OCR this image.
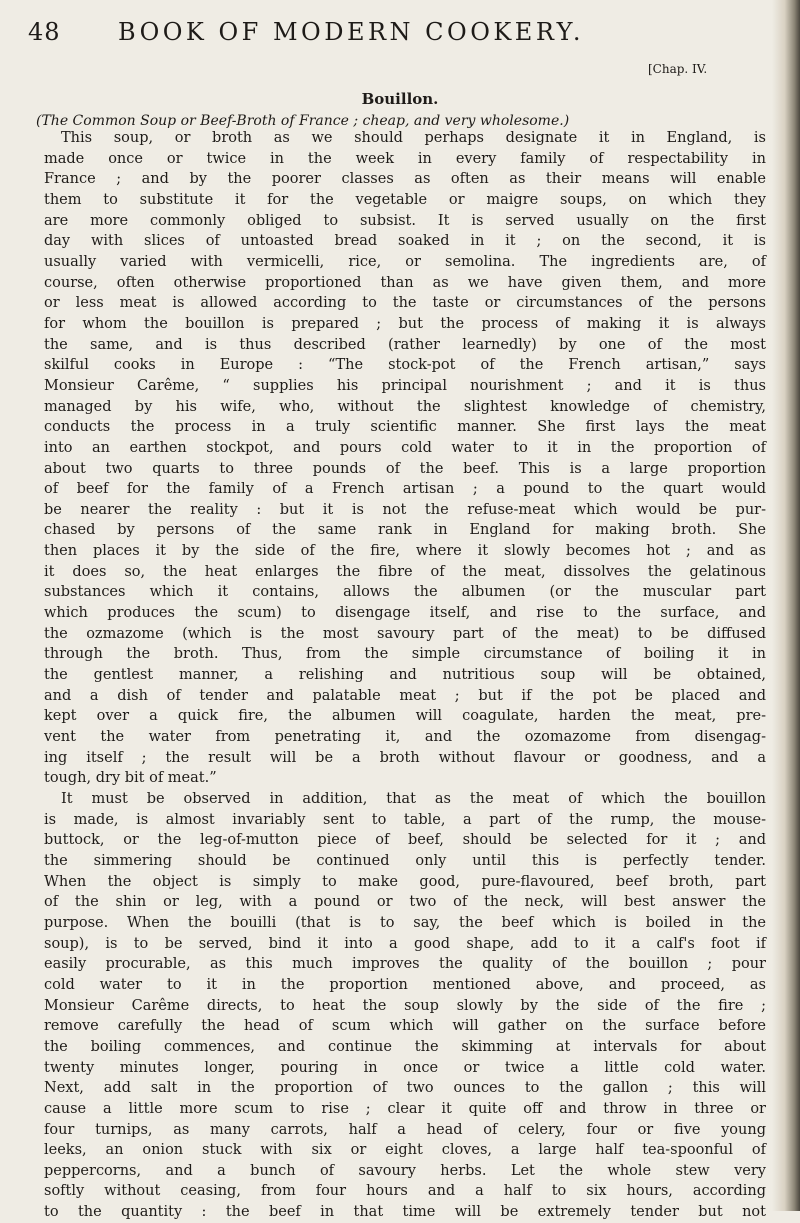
48 BOOK OF MODERN COOKERY.
[Chap. IV.
Bouillon.
(The Common Soup or Beef-Broth of France ; cheap, and very wholesome.)

This soup, or broth as we should perhaps designate it in England, is
made once or twice in the week in every family of respectability in
France ; and by the poorer classes as often as their means will enable
them to substitute it for the vegetable or maigre soups, on which they
are more commonly obliged to subsist. It is served usually on the first
day with slices of untoasted bread soaked in it ; on the second, it is
usually varied with vermicelli, rice, or semolina. The ingredients are, of
course, often otherwise proportioned than as we have given them, and more
or less meat is allowed according to the taste or circumstances of the persons
for whom the bouillon is prepared ; but the process of making it is always
the same, and is thus described (rather learnedly) by one of the most
skilful cooks in Europe : “The stock-pot of the French artisan,” says
Monsieur Carême, “ supplies his principal nourishment ; and it is thus
managed by his wife, who, without the slightest knowledge of chemistry,
conducts the process in a truly scientific manner. She first lays the meat
into an earthen stockpot, and pours cold water to it in the proportion of
about two quarts to three pounds of the beef. This is a large proportion
of beef for the family of a French artisan ; a pound to the quart would
be nearer the reality : but it is not the refuse-meat which would be pur-
chased by persons of the same rank in England for making broth. She
then places it by the side of the fire, where it slowly becomes hot ; and as
it does so, the heat enlarges the fibre of the meat, dissolves the gelatinous
substances which it contains, allows the albumen (or the muscular part
which produces the scum) to disengage itself, and rise to the surface, and
the ozmazome (which is the most savoury part of the meat) to be diffused
through the broth. Thus, from the simple circumstance of boiling it in
the gentlest manner, a relishing and nutritious soup will be obtained,
and a dish of tender and palatable meat ; but if the pot be placed and
kept over a quick fire, the albumen will coagulate, harden the meat, pre-
vent the water from penetrating it, and the ozomazome from disengag-
ing itself ; the result will be a broth without flavour or goodness, and a
tough, dry bit of meat.”

It must be observed in addition, that as the meat of which the bouillon
is made, is almost invariably sent to table, a part of the rump, the mouse-
buttock, or the leg-of-mutton piece of beef, should be selected for it ; and
the simmering should be continued only until this is perfectly tender.
When the object is simply to make good, pure-flavoured, beef broth, part
of the shin or leg, with a pound or two of the neck, will best answer the
purpose. When the bouilli (that is to say, the beef which is boiled in the
soup), is to be served, bind it into a good shape, add to it a calf's foot if
easily procurable, as this much improves the quality of the bouillon ; pour
cold water to it in the proportion mentioned above, and proceed, as
Monsieur Carême directs, to heat the soup slowly by the side of the fire ;
remove carefully the head of scum which will gather on the surface before
the boiling commences, and continue the skimming at intervals for about
twenty minutes longer, pouring in once or twice a little cold water.
Next, add salt in the proportion of two ounces to the gallon ; this will
cause a little more scum to rise ; clear it quite off and throw in three or
four turnips, as many carrots, half a head of celery, four or five young
leeks, an onion stuck with six or eight cloves, a large half tea-spoonful of
peppercorns, and a bunch of savoury herbs. Let the whole stew very
softly without ceasing, from four hours and a half to six hours, according
to the quantity : the beef in that time will be extremely tender but not
